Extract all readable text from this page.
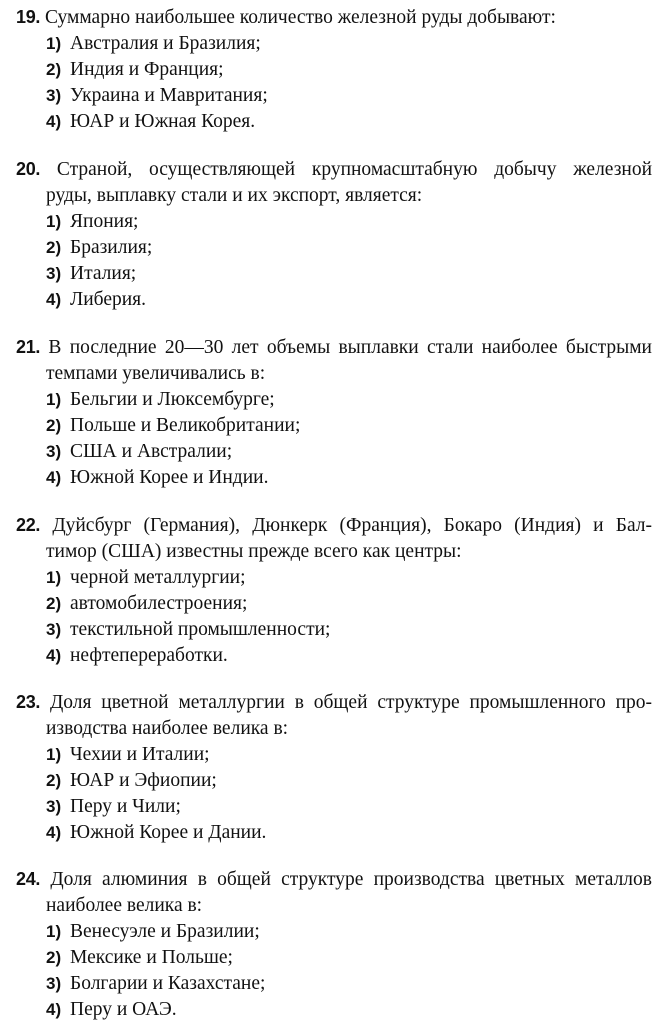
19. Суммарно наибольшее количество железной руды добывают:
1) Австралия и Бразилия;
2) Индия и Франция;
3) Украина и Мавритания;
4) ЮАР и Южная Корея.
20. Страной, осуществляющей крупномасштабную добычу железной
руды, выплавку стали и их экспорт, является:
1) Япония;
2) Бразилия;
3) Италия;
4) Либерия.
21. В последние 20—30 лет объемы выплавки стали наиболее быстрыми
темпами увеличивались в:
1) Бельгии и Люксембурге;
2) Польше и Великобритании;
3) США и Австралии;
4) Южной Корее и Индии.
22. Дуйсбург (Германия), Дюнкерк (Франция), Бокаро (Индия) и Бал-
тимор (США) известны прежде всего как центры:
1) черной металлургии;
2) автомобилестроения;
3) текстильной промышленности;
4) нефтепереработки.
23. Доля цветной металлургии в общей структуре промышленного про-
изводства наиболее велика в:
1) Чехии и Италии;
2) ЮАР и Эфиопии;
3) Перу и Чили;
4) Южной Корее и Дании.
24. Доля алюминия в общей структуре производства цветных металлов
наиболее велика в:
1) Венесуэле и Бразилии;
2) Мексике и Польше;
3) Болгарии и Казахстане;
4) Перу и ОАЭ.
